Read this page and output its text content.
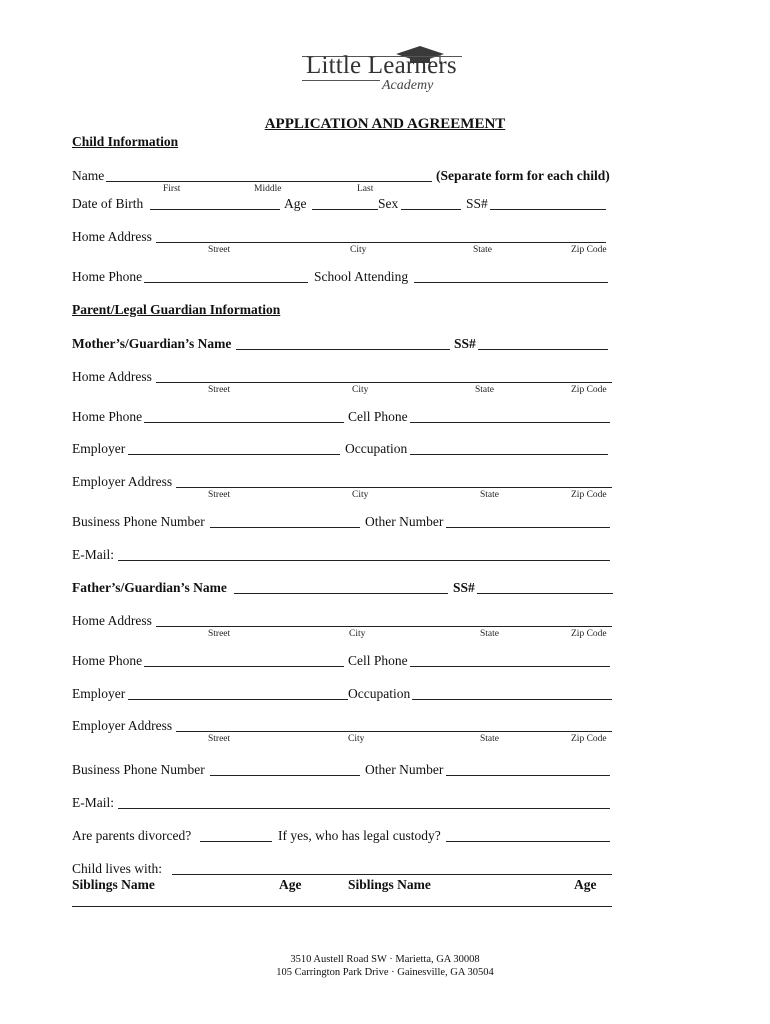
Little Learners
Academy
APPLICATION AND AGREEMENT
Child Information
Name	(Separate form for each child)
First	Middle	Last
Date of Birth	Age	Sex	SS#
Home Address
Street	City	State	Zip Code
Home Phone	School Attending
Parent/Legal Guardian Information
Mother’s/Guardian’s Name	SS#
Home Address
Street	City	State	Zip Code
Home Phone	Cell Phone
Employer	Occupation
Employer Address
Street	City	State	Zip Code
Business Phone Number	Other Number
E-Mail:
Father’s/Guardian’s Name	SS#
Home Address
Street	City	State	Zip Code
Home Phone	Cell Phone
Employer	Occupation
Employer Address
Street	City	State	Zip Code
Business Phone Number	Other Number
E-Mail:
Are parents divorced?	If yes, who has legal custody?
Child lives with:
Siblings Name	Age	Siblings Name	Age
3510 Austell Road SW · Marietta, GA 30008
105 Carrington Park Drive · Gainesville, GA 30504
